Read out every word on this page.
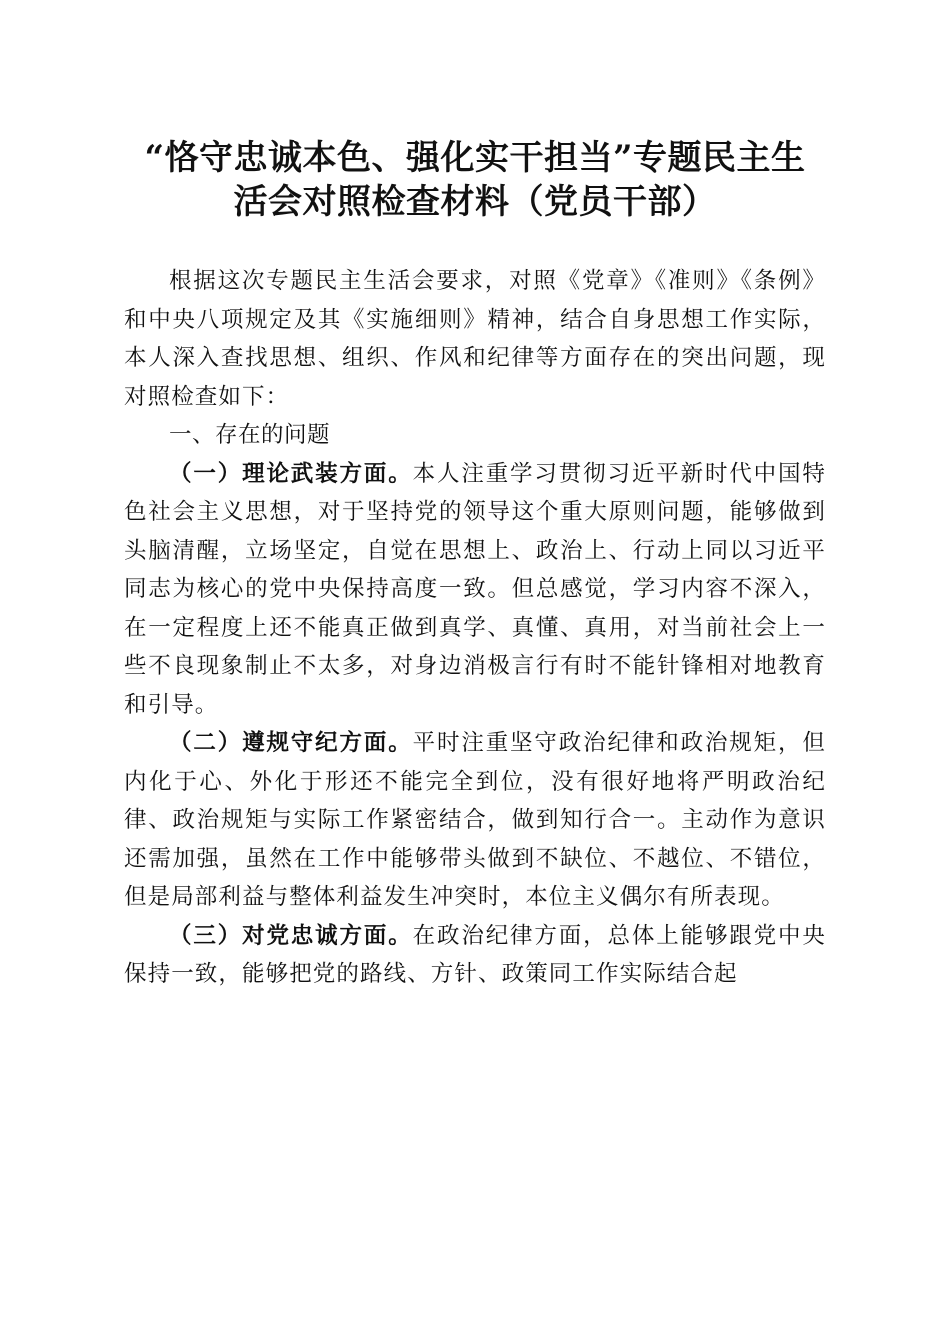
“恪守忠诚本色、强化实干担当”专题民主生
活会对照检查材料（党员干部）

根据这次专题民主生活会要求，对照《党章》《准则》《条例》和中央八项规定及其《实施细则》精神，结合自身思想工作实际，本人深入查找思想、组织、作风和纪律等方面存在的突出问题，现对照检查如下：

一、存在的问题

（一）理论武装方面。本人注重学习贯彻习近平新时代中国特色社会主义思想，对于坚持党的领导这个重大原则问题，能够做到头脑清醒，立场坚定，自觉在思想上、政治上、行动上同以习近平同志为核心的党中央保持高度一致。但总感觉，学习内容不深入，在一定程度上还不能真正做到真学、真懂、真用，对当前社会上一些不良现象制止不太多，对身边消极言行有时不能针锋相对地教育和引导。

（二）遵规守纪方面。平时注重坚守政治纪律和政治规矩，但内化于心、外化于形还不能完全到位，没有很好地将严明政治纪律、政治规矩与实际工作紧密结合，做到知行合一。主动作为意识还需加强，虽然在工作中能够带头做到不缺位、不越位、不错位，但是局部利益与整体利益发生冲突时，本位主义偶尔有所表现。

（三）对党忠诚方面。在政治纪律方面，总体上能够跟党中央保持一致，能够把党的路线、方针、政策同工作实际结合起
